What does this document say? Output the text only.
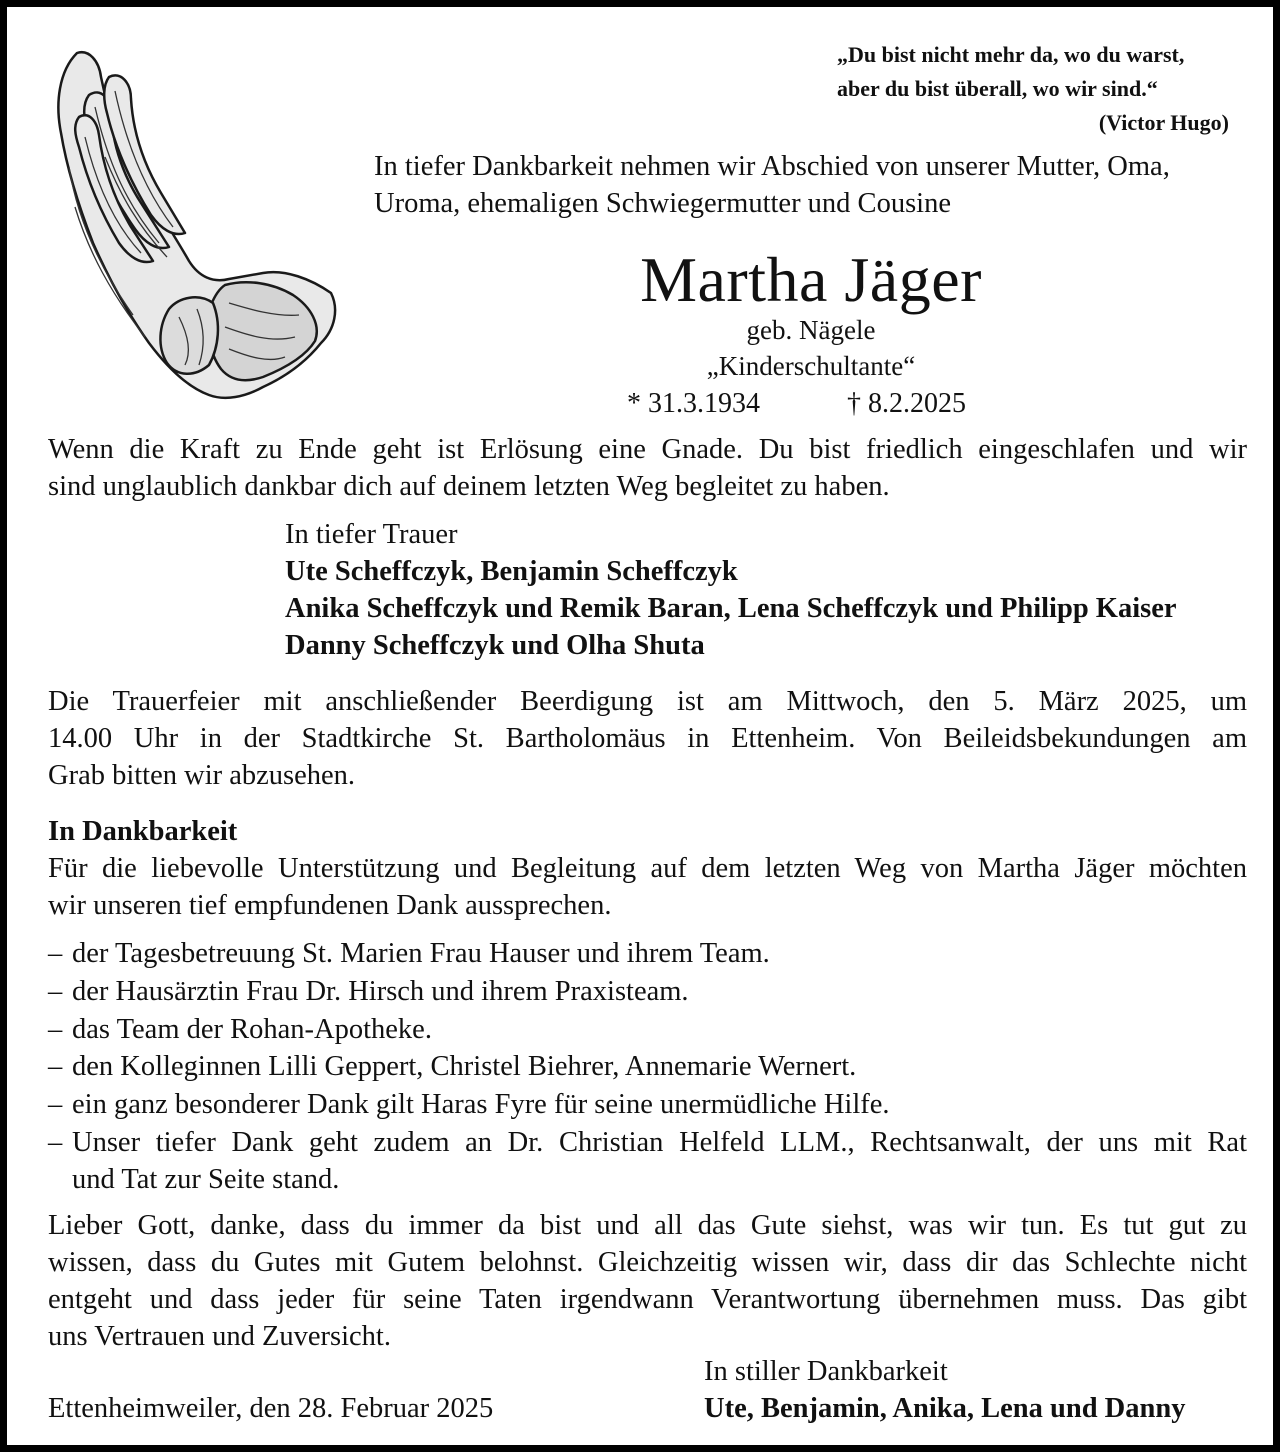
„Du bist nicht mehr da, wo du warst,

aber du bist überall, wo wir sind.“

(Victor Hugo)

In tiefer Dankbarkeit nehmen wir Abschied von unserer Mutter, Oma,

Uroma, ehemaligen Schwiegermutter und Cousine

Martha Jäger

geb. Nägele

„Kinderschultante“

* 31.3.1934	† 8.2.2025

Wenn die Kraft zu Ende geht ist Erlösung eine Gnade. Du bist friedlich eingeschlafen und wir

sind unglaublich dankbar dich auf deinem letzten Weg begleitet zu haben.

In tiefer Trauer

Ute Scheffczyk, Benjamin Scheffczyk

Anika Scheffczyk und Remik Baran, Lena Scheffczyk und Philipp Kaiser

Danny Scheffczyk und Olha Shuta

Die Trauerfeier mit anschließender Beerdigung ist am Mittwoch, den 5. März 2025, um

14.00 Uhr in der Stadtkirche St. Bartholomäus in Ettenheim. Von Beileidsbekundungen am

Grab bitten wir abzusehen.

In Dankbarkeit

Für die liebevolle Unterstützung und Begleitung auf dem letzten Weg von Martha Jäger möchten

wir unseren tief empfundenen Dank aussprechen.

– der Tagesbetreuung St. Marien Frau Hauser und ihrem Team.

– der Hausärztin Frau Dr. Hirsch und ihrem Praxisteam.

– das Team der Rohan-Apotheke.

– den Kolleginnen Lilli Geppert, Christel Biehrer, Annemarie Wernert.

– ein ganz besonderer Dank gilt Haras Fyre für seine unermüdliche Hilfe.

– Unser tiefer Dank geht zudem an Dr. Christian Helfeld LLM., Rechtsanwalt, der uns mit Rat

und Tat zur Seite stand.

Lieber Gott, danke, dass du immer da bist und all das Gute siehst, was wir tun. Es tut gut zu

wissen, dass du Gutes mit Gutem belohnst. Gleichzeitig wissen wir, dass dir das Schlechte nicht

entgeht und dass jeder für seine Taten irgendwann Verantwortung übernehmen muss. Das gibt

uns Vertrauen und Zuversicht.

In stiller Dankbarkeit

Ettenheimweiler, den 28. Februar 2025	Ute, Benjamin, Anika, Lena und Danny
